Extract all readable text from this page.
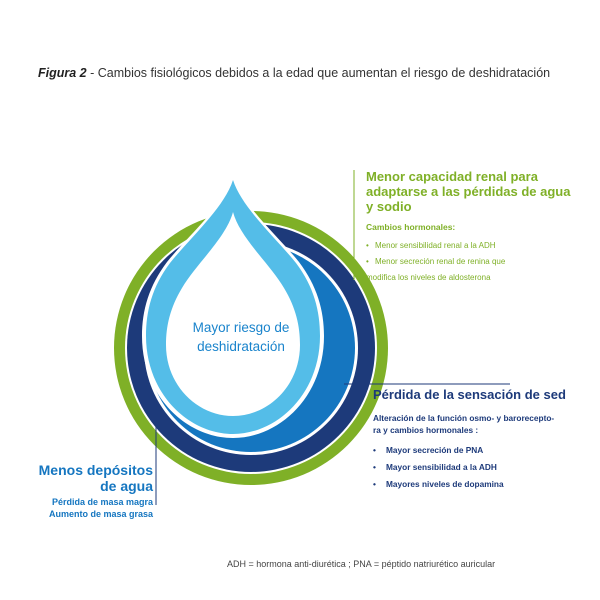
Figura 2 - Cambios fisiológicos debidos a la edad que aumentan el riesgo de deshidratación
Mayor riesgo de
deshidratación
Menor capacidad renal para
adaptarse a las pérdidas de agua
y sodio
Cambios hormonales:
• Menor sensibilidad renal a la ADH
• Menor secreción renal de renina que
modifica los niveles de aldosterona
Pérdida de la sensación de sed
Alteración de la función osmo- y barorecepto-
ra y cambios hormonales :
• Mayor secreción de PNA
• Mayor sensibilidad a la ADH
• Mayores niveles de dopamina
Menos depósitos
de agua
Pérdida de masa magra
Aumento de masa grasa
ADH = hormona anti-diurética ; PNA = péptido natriurético auricular
